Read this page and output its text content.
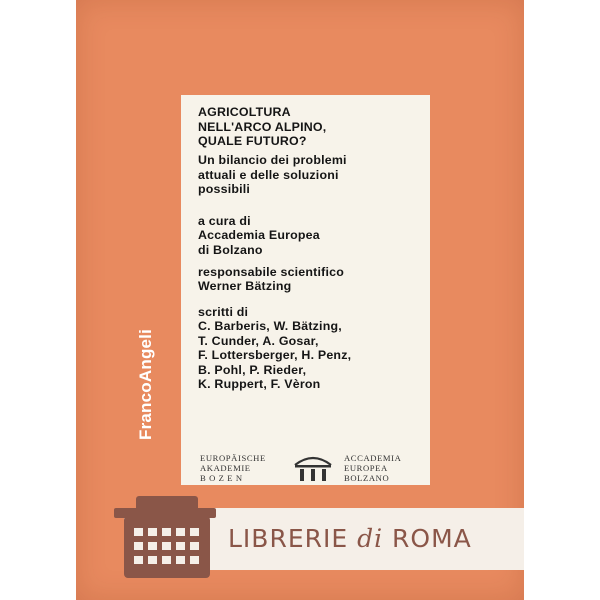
FrancoAngeli
AGRICOLTURA
NELL'ARCO ALPINO,
QUALE FUTURO?
Un bilancio dei problemi
attuali e delle soluzioni
possibili
a cura di
Accademia Europea
di Bolzano
responsabile scientifico
Werner Bätzing
scritti di
C. Barberis, W. Bätzing,
T. Cunder, A. Gosar,
F. Lottersberger, H. Penz,
B. Pohl, P. Rieder,
K. Ruppert, F. Vèron
EUROPÄISCHE
AKADEMIE
B O Z E N
ACCADEMIA
EUROPEA
BOLZANO
LIBRERIE di ROMA
